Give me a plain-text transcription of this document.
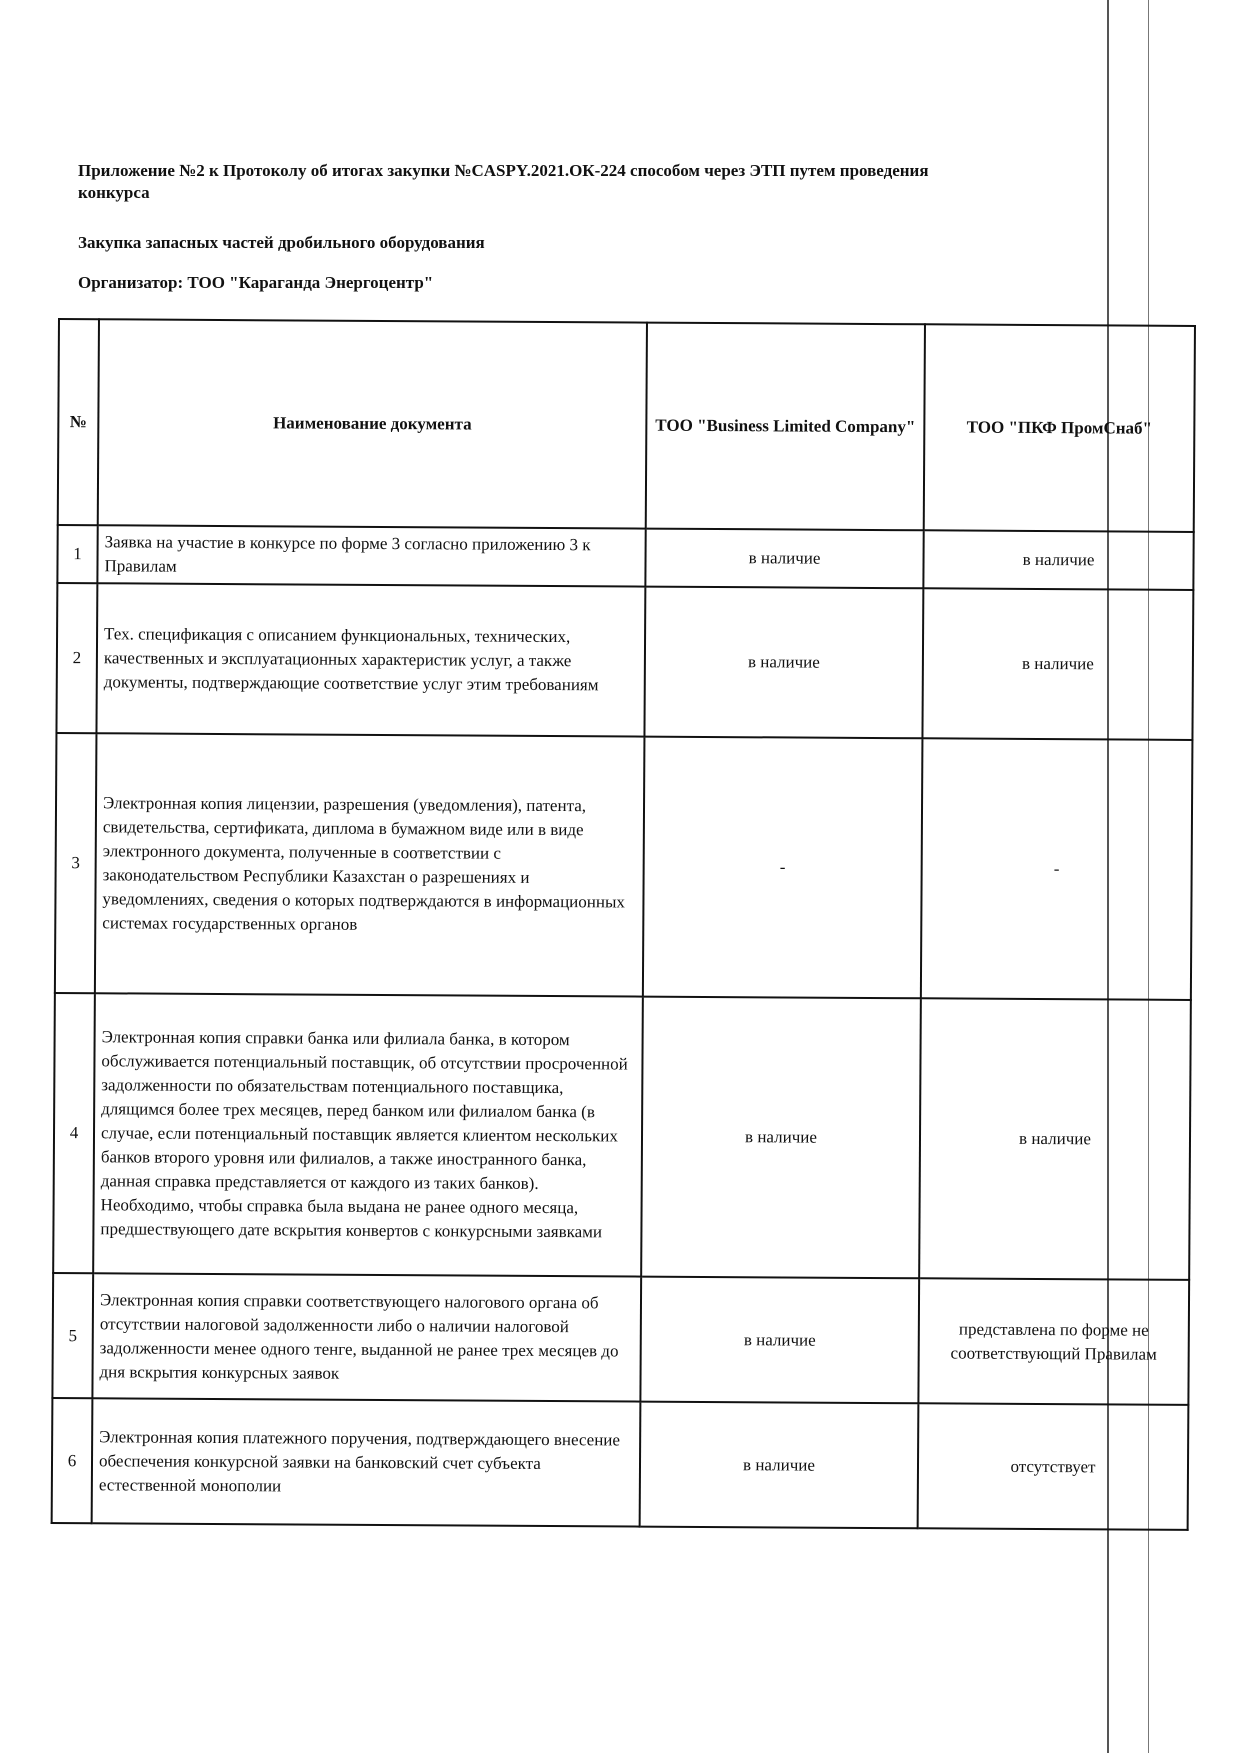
Приложение №2 к Протоколу об итогах закупки №CASPY.2021.ОК-224 способом через ЭТП путем проведения конкурса
Закупка запасных частей дробильного оборудования
Организатор: ТОО "Караганда Энергоцентр"
№	Наименование документа	ТОО "Business Limited Company"	ТОО "ПКФ ПромСнаб"
1	Заявка на участие в конкурсе по форме 3 согласно приложению 3 к Правилам	в наличие	в наличие
2	Тех. спецификация с описанием функциональных, технических, качественных и эксплуатационных характеристик услуг, а также документы, подтверждающие соответствие услуг этим требованиям	в наличие	в наличие
3	Электронная копия лицензии, разрешения (уведомления), патента, свидетельства, сертификата, диплома в бумажном виде или в виде электронного документа, полученные в соответствии с законодательством Республики Казахстан о разрешениях и уведомлениях, сведения о которых подтверждаются в информационных системах государственных органов	-	-
4	Электронная копия справки банка или филиала банка, в котором обслуживается потенциальный поставщик, об отсутствии просроченной задолженности по обязательствам потенциального поставщика, длящимся более трех месяцев, перед банком или филиалом банка (в случае, если потенциальный поставщик является клиентом нескольких банков второго уровня или филиалов, а также иностранного банка, данная справка представляется от каждого из таких банков). Необходимо, чтобы справка была выдана не ранее одного месяца, предшествующего дате вскрытия конвертов с конкурсными заявками	в наличие	в наличие
5	Электронная копия справки соответствующего налогового органа об отсутствии налоговой задолженности либо о наличии налоговой задолженности менее одного тенге, выданной не ранее трех месяцев до дня вскрытия конкурсных заявок	в наличие	представлена по форме не соответствующий Правилам
6	Электронная копия платежного поручения, подтверждающего внесение обеспечения конкурсной заявки на банковский счет субъекта естественной монополии	в наличие	отсутствует
